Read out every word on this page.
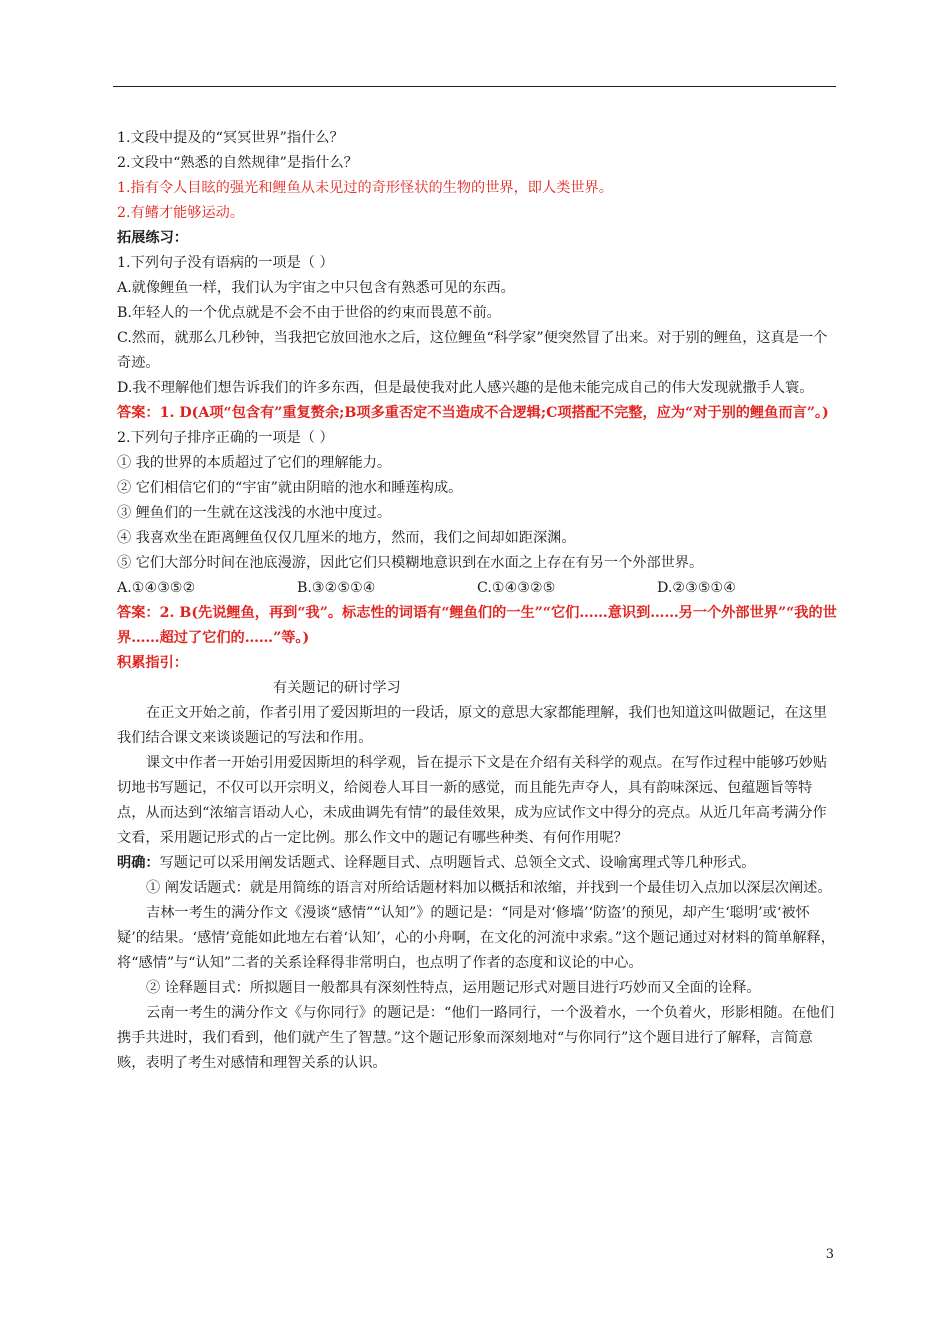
1.文段中提及的“冥冥世界”指什么？
2.文段中“熟悉的自然规律”是指什么？
1.指有令人目眩的强光和鲤鱼从未见过的奇形怪状的生物的世界，即人类世界。
2.有鳍才能够运动。
拓展练习：
1.下列句子没有语病的一项是（ ）
A.就像鲤鱼一样，我们认为宇宙之中只包含有熟悉可见的东西。
B.年轻人的一个优点就是不会不由于世俗的约束而畏葸不前。
C.然而，就那么几秒钟，当我把它放回池水之后，这位鲤鱼“科学家”便突然冒了出来。对于别的鲤鱼，这真是一个奇迹。
D.我不理解他们想告诉我们的许多东西，但是最使我对此人感兴趣的是他未能完成自己的伟大发现就撒手人寰。
答案：1. D(A项“包含有”重复赘余;B项多重否定不当造成不合逻辑;C项搭配不完整，应为“对于别的鲤鱼而言”。)
2.下列句子排序正确的一项是（ ）
① 我的世界的本质超过了它们的理解能力。
② 它们相信它们的“宇宙”就由阴暗的池水和睡莲构成。
③ 鲤鱼们的一生就在这浅浅的水池中度过。
④ 我喜欢坐在距离鲤鱼仅仅几厘米的地方，然而，我们之间却如距深渊。
⑤ 它们大部分时间在池底漫游，因此它们只模糊地意识到在水面之上存在有另一个外部世界。
A.①④③⑤②	B.③②⑤①④	C.①④③②⑤	D.②③⑤①④
答案：2. B(先说鲤鱼，再到“我”。标志性的词语有“鲤鱼们的一生”“它们……意识到……另一个外部世界”“我的世界……超过了它们的……”等。)
积累指引：
有关题记的研讨学习
在正文开始之前，作者引用了爱因斯坦的一段话，原文的意思大家都能理解，我们也知道这叫做题记，在这里我们结合课文来谈谈题记的写法和作用。
课文中作者一开始引用爱因斯坦的科学观，旨在提示下文是在介绍有关科学的观点。在写作过程中能够巧妙贴切地书写题记，不仅可以开宗明义，给阅卷人耳目一新的感觉，而且能先声夺人，具有韵味深远、包蕴题旨等特点，从而达到“浓缩言语动人心，未成曲调先有情”的最佳效果，成为应试作文中得分的亮点。从近几年高考满分作文看，采用题记形式的占一定比例。那么作文中的题记有哪些种类、有何作用呢？
明确：写题记可以采用阐发话题式、诠释题目式、点明题旨式、总领全文式、设喻寓理式等几种形式。
① 阐发话题式：就是用简练的语言对所给话题材料加以概括和浓缩，并找到一个最佳切入点加以深层次阐述。
吉林一考生的满分作文《漫谈“感情”“认知”》的题记是：“同是对‘修墙’‘防盗’的预见，却产生‘聪明’或‘被怀疑’的结果。‘感情’竟能如此地左右着‘认知’，心的小舟啊，在文化的河流中求索。”这个题记通过对材料的简单解释，将“感情”与“认知”二者的关系诠释得非常明白，也点明了作者的态度和议论的中心。
② 诠释题目式：所拟题目一般都具有深刻性特点，运用题记形式对题目进行巧妙而又全面的诠释。
云南一考生的满分作文《与你同行》的题记是：“他们一路同行，一个汲着水，一个负着火，形影相随。在他们携手共进时，我们看到，他们就产生了智慧。”这个题记形象而深刻地对“与你同行”这个题目进行了解释，言简意赅，表明了考生对感情和理智关系的认识。
3
